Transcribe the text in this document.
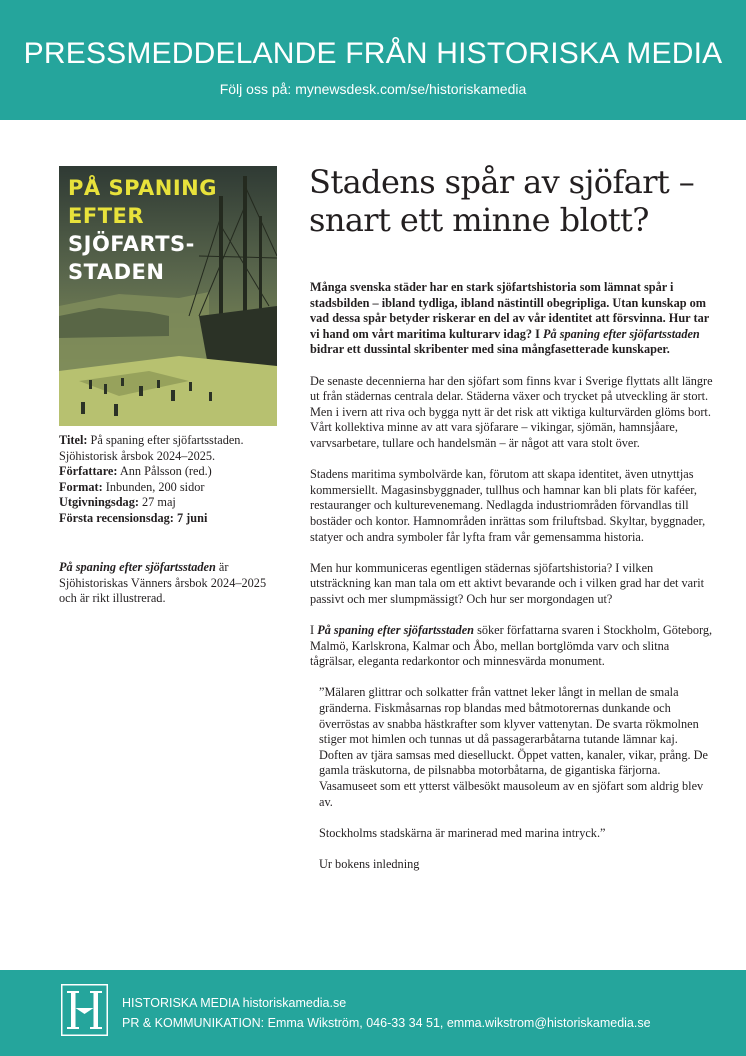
PRESSMEDDELANDE FRÅN HISTORISKA MEDIA
Följ oss på: mynewsdesk.com/se/historiskamedia
PÅ SPANING
EFTER
SJÖFARTS-
STADEN
Titel: På spaning efter sjöfartsstaden.
Sjöhistorisk årsbok 2024–2025.
Författare: Ann Pålsson (red.)
Format: Inbunden, 200 sidor
Utgivningsdag: 27 maj
Första recensionsdag: 7 juni
På spaning efter sjöfartsstaden är Sjöhistoriskas Vänners årsbok 2024–2025 och är rikt illustrerad.
Stadens spår av sjöfart – snart ett minne blott?

Många svenska städer har en stark sjöfartshistoria som lämnat spår i stadsbilden – ibland tydliga, ibland nästintill obegripliga. Utan kunskap om vad dessa spår betyder riskerar en del av vår identitet att försvinna. Hur tar vi hand om vårt maritima kulturarv idag? I På spaning efter sjöfartsstaden bidrar ett dussintal skribenter med sina mångfasetterade kunskaper.

De senaste decennierna har den sjöfart som finns kvar i Sverige flyttats allt längre ut från städernas centrala delar. Städerna växer och trycket på utveckling är stort. Men i ivern att riva och bygga nytt är det risk att viktiga kulturvärden glöms bort. Vårt kollektiva minne av att vara sjöfarare – vikingar, sjömän, hamnsjåare, varvsarbetare, tullare och handelsmän – är något att vara stolt över.

Stadens maritima symbolvärde kan, förutom att skapa identitet, även utnyttjas kommersiellt. Magasinsbyggnader, tullhus och hamnar kan bli plats för kaféer, restauranger och kulturevenemang. Nedlagda industriområden förvandlas till bostäder och kontor. Hamnområden inrättas som friluftsbad. Skyltar, byggnader, statyer och andra symboler får lyfta fram vår gemensamma historia.

Men hur kommuniceras egentligen städernas sjöfartshistoria? I vilken utsträckning kan man tala om ett aktivt bevarande och i vilken grad har det varit passivt och mer slumpmässigt? Och hur ser morgondagen ut?

I På spaning efter sjöfartsstaden söker författarna svaren i Stockholm, Göteborg, Malmö, Karlskrona, Kalmar och Åbo, mellan bortglömda varv och slitna tågrälsar, eleganta redarkontor och minnesvärda monument.

”Mälaren glittrar och solkatter från vattnet leker långt in mellan de smala gränderna. Fiskmåsarnas rop blandas med båtmotorernas dunkande och överröstas av snabba hästkrafter som klyver vattenytan. De svarta rökmolnen stiger mot himlen och tunnas ut då passagerarbåtarna tutande lämnar kaj. Doften av tjära samsas med dieselluckt. Öppet vatten, kanaler, vikar, prång. De gamla träskutorna, de pilsnabba motorbåtarna, de gigantiska färjorna. Vasamuseet som ett ytterst välbesökt mausoleum av en sjöfart som aldrig blev av.

Stockholms stadskärna är marinerad med marina intryck.”

Ur bokens inledning

HISTORISKA MEDIA historiskamedia.se
PR & KOMMUNIKATION: Emma Wikström, 046-33 34 51, emma.wikstrom@historiskamedia.se
